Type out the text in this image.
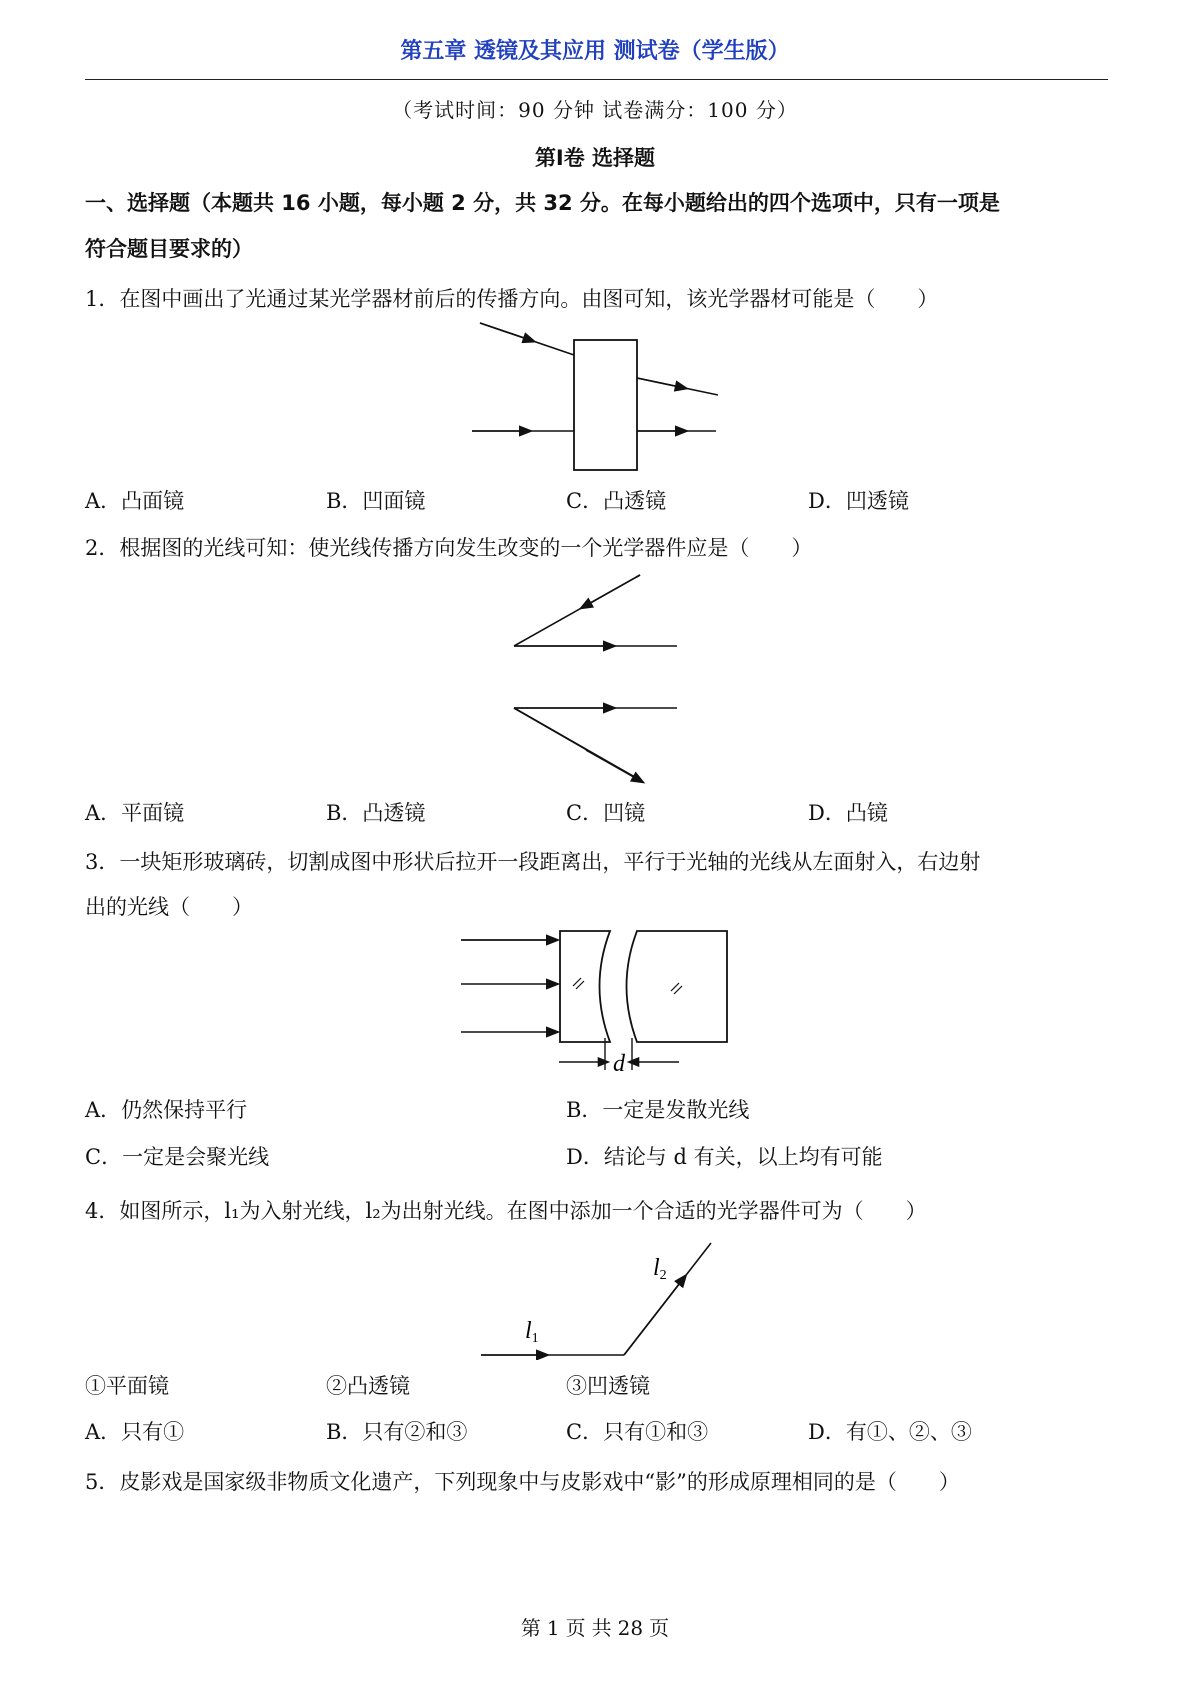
第五章 透镜及其应用 测试卷（学生版）
（考试时间：90 分钟 试卷满分：100 分）
第Ⅰ卷 选择题
一、选择题（本题共 16 小题，每小题 2 分，共 32 分。在每小题给出的四个选项中，只有一项是
符合题目要求的）
1．在图中画出了光通过某光学器材前后的传播方向。由图可知，该光学器材可能是（　　）
A．凸面镜	B．凹面镜	C．凸透镜	D．凹透镜
2．根据图的光线可知：使光线传播方向发生改变的一个光学器件应是（　　）
A．平面镜	B．凸透镜	C．凹镜	D．凸镜
3．一块矩形玻璃砖，切割成图中形状后拉开一段距离出，平行于光轴的光线从左面射入，右边射
出的光线（　　）
d
A．仍然保持平行	B．一定是发散光线
C．一定是会聚光线	D．结论与 d 有关，以上均有可能
4．如图所示，l₁为入射光线，l₂为出射光线。在图中添加一个合适的光学器件可为（　　）
l1
l2
①平面镜	②凸透镜	③凹透镜
A．只有①	B．只有②和③	C．只有①和③	D．有①、②、③
5．皮影戏是国家级非物质文化遗产，下列现象中与皮影戏中“影”的形成原理相同的是（　　）
第 1 页 共 28 页
